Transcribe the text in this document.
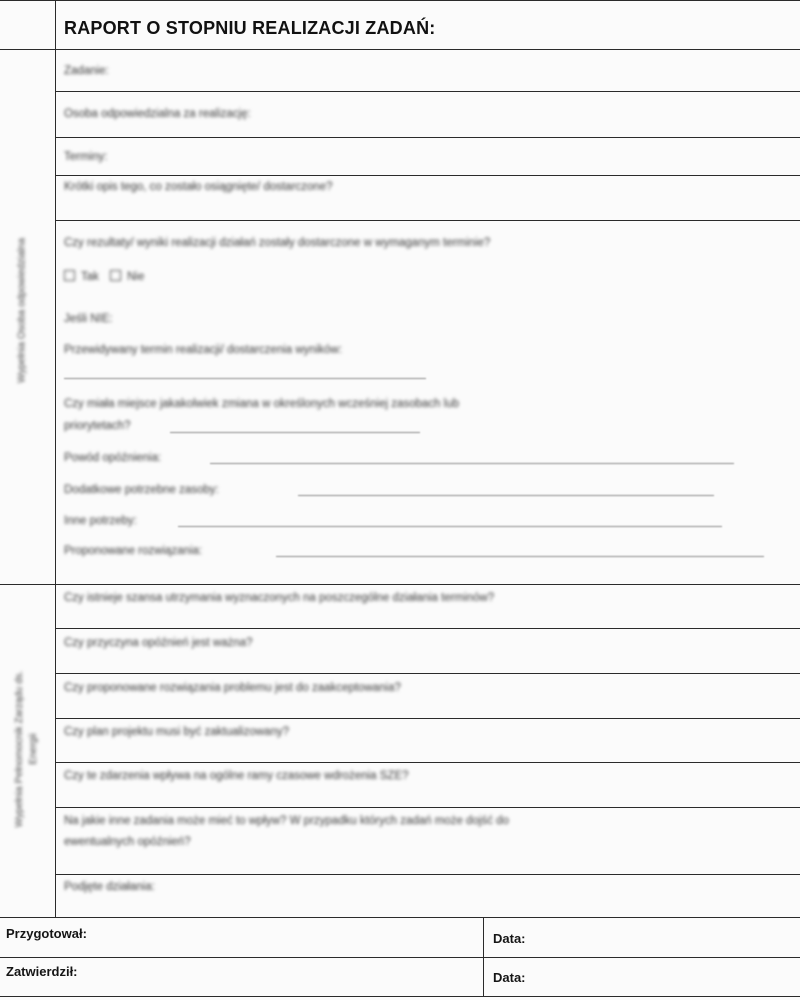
RAPORT O STOPNIU REALIZACJI ZADAŃ:
Wypełnia Osoba odpowiedzialna
Zadanie:
Osoba odpowiedzialna za realizację:
Terminy:
Krótki opis tego, co zostało osiągnięte/ dostarczone?
Czy rezultaty/ wyniki realizacji działań zostały dostarczone w wymaganym terminie?
Tak Nie
Jeśli NIE:
Przewidywany termin realizacji/ dostarczenia wyników:
Czy miała miejsce jakakolwiek zmiana w określonych wcześniej zasobach lub
priorytetach?
Powód opóźnienia:
Dodatkowe potrzebne zasoby:
Inne potrzeby:
Proponowane rozwiązania:
Wypełnia Pełnomocnik Zarządu ds. Energii
Czy istnieje szansa utrzymania wyznaczonych na poszczególne działania terminów?
Czy przyczyna opóźnień jest ważna?
Czy proponowane rozwiązania problemu jest do zaakceptowania?
Czy plan projektu musi być zaktualizowany?
Czy te zdarzenia wpływa na ogólne ramy czasowe wdrożenia SZE?
Na jakie inne zadania może mieć to wpływ? W przypadku których zadań może dojść do
ewentualnych opóźnień?
Podjęte działania:
Przygotował:	Data:
Zatwierdził:	Data:
